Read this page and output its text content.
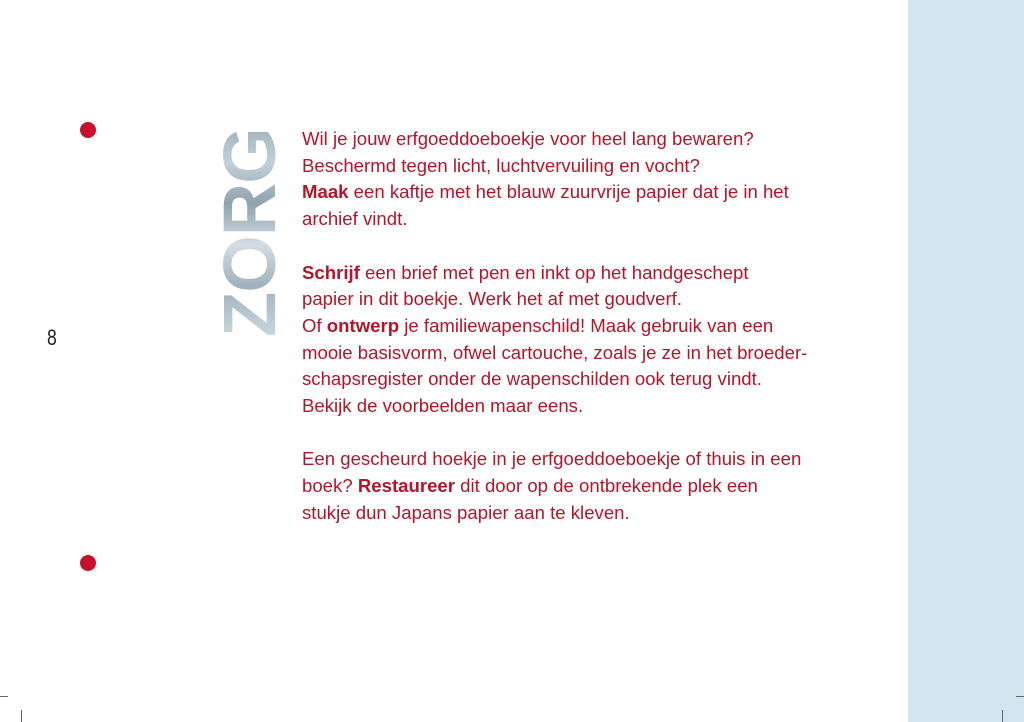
8
ZORG Wil je jouw erfgoeddoeboekje voor heel lang bewaren?
Beschermd tegen licht, luchtvervuiling en vocht?
Maak een kaftje met het blauw zuurvrije papier dat je in het
archief vindt.

Schrijf een brief met pen en inkt op het handgeschept
papier in dit boekje. Werk het af met goudverf.
Of ontwerp je familiewapenschild! Maak gebruik van een
mooie basisvorm, ofwel cartouche, zoals je ze in het broeder-
schapsregister onder de wapenschilden ook terug vindt.
Bekijk de voorbeelden maar eens.

Een gescheurd hoekje in je erfgoeddoeboekje of thuis in een
boek? Restaureer dit door op de ontbrekende plek een
stukje dun Japans papier aan te kleven.
